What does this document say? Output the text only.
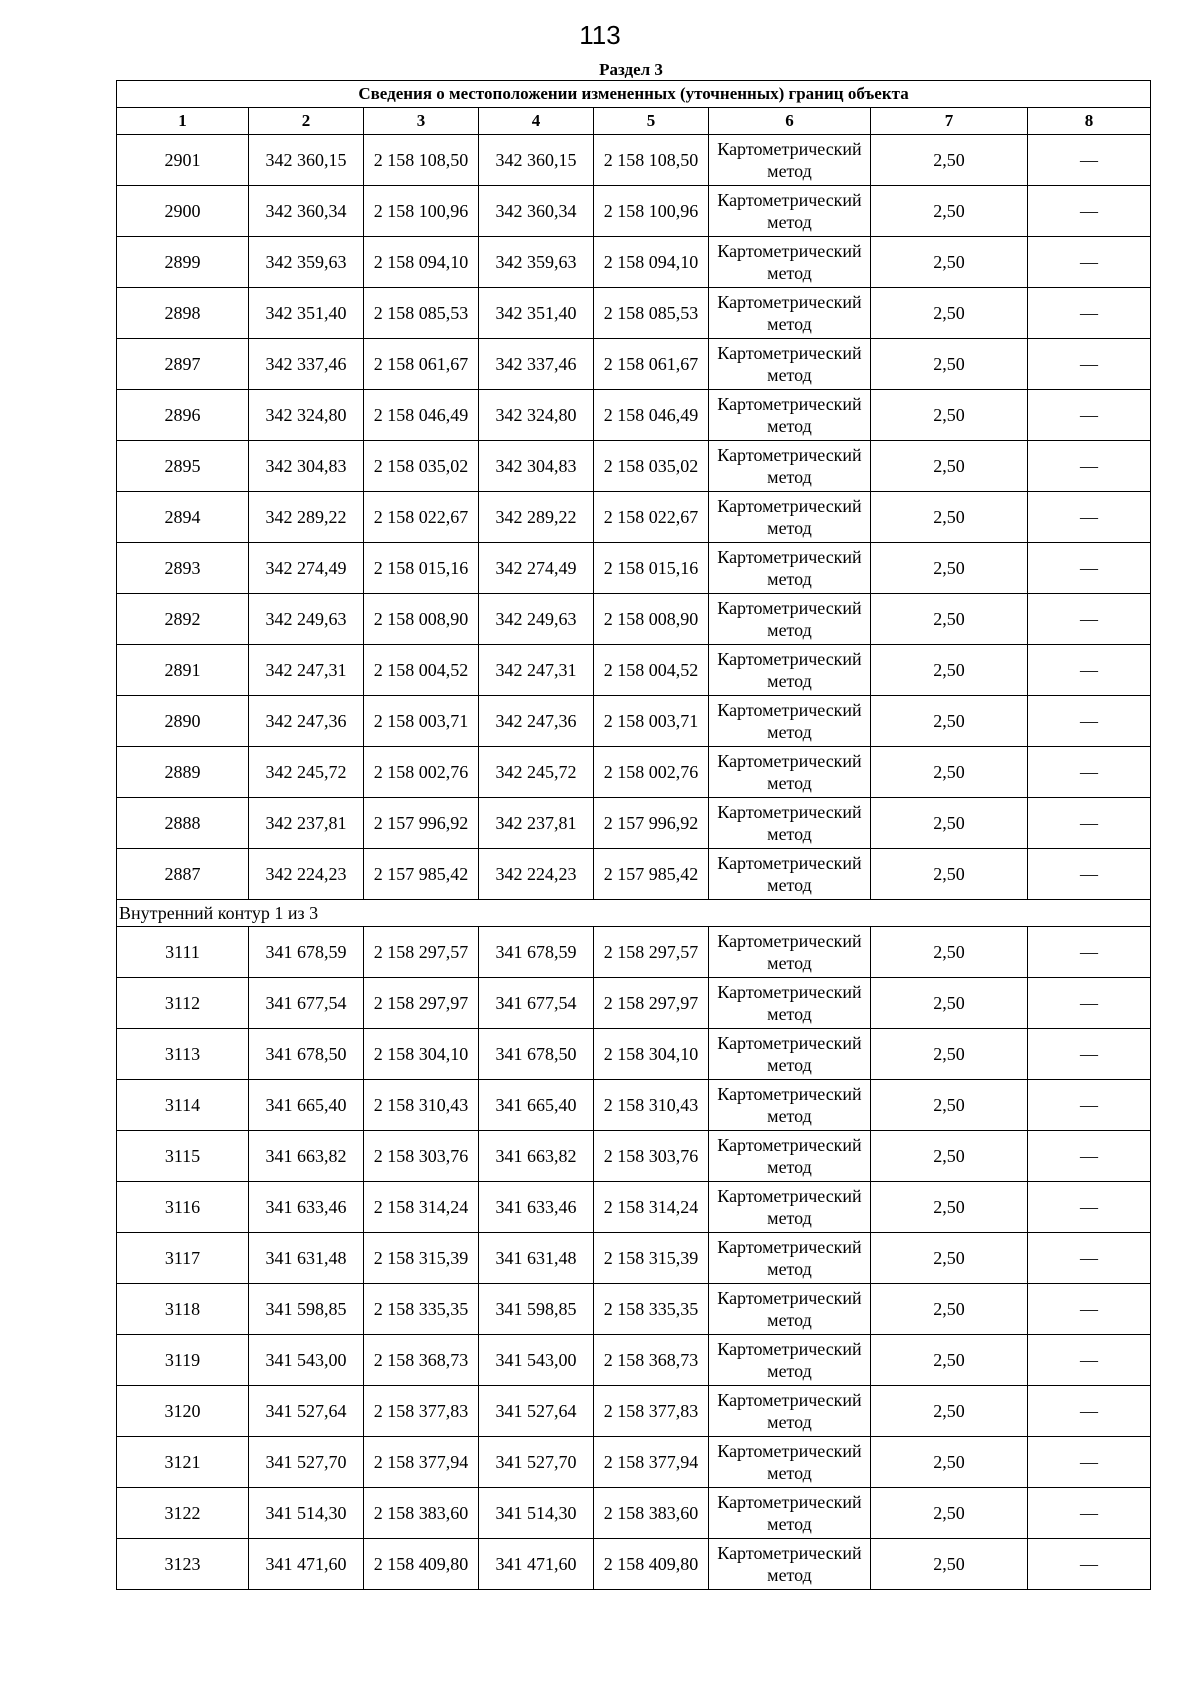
113
Раздел 3
Сведения о местоположении измененных (уточненных) границ объекта							
1	2	3	4	5	6	7	8
2901	342 360,15	2 158 108,50	342 360,15	2 158 108,50	Картометрический метод	2,50	—
2900	342 360,34	2 158 100,96	342 360,34	2 158 100,96	Картометрический метод	2,50	—
2899	342 359,63	2 158 094,10	342 359,63	2 158 094,10	Картометрический метод	2,50	—
2898	342 351,40	2 158 085,53	342 351,40	2 158 085,53	Картометрический метод	2,50	—
2897	342 337,46	2 158 061,67	342 337,46	2 158 061,67	Картометрический метод	2,50	—
2896	342 324,80	2 158 046,49	342 324,80	2 158 046,49	Картометрический метод	2,50	—
2895	342 304,83	2 158 035,02	342 304,83	2 158 035,02	Картометрический метод	2,50	—
2894	342 289,22	2 158 022,67	342 289,22	2 158 022,67	Картометрический метод	2,50	—
2893	342 274,49	2 158 015,16	342 274,49	2 158 015,16	Картометрический метод	2,50	—
2892	342 249,63	2 158 008,90	342 249,63	2 158 008,90	Картометрический метод	2,50	—
2891	342 247,31	2 158 004,52	342 247,31	2 158 004,52	Картометрический метод	2,50	—
2890	342 247,36	2 158 003,71	342 247,36	2 158 003,71	Картометрический метод	2,50	—
2889	342 245,72	2 158 002,76	342 245,72	2 158 002,76	Картометрический метод	2,50	—
2888	342 237,81	2 157 996,92	342 237,81	2 157 996,92	Картометрический метод	2,50	—
2887	342 224,23	2 157 985,42	342 224,23	2 157 985,42	Картометрический метод	2,50	—
Внутренний контур 1 из 3							
3111	341 678,59	2 158 297,57	341 678,59	2 158 297,57	Картометрический метод	2,50	—
3112	341 677,54	2 158 297,97	341 677,54	2 158 297,97	Картометрический метод	2,50	—
3113	341 678,50	2 158 304,10	341 678,50	2 158 304,10	Картометрический метод	2,50	—
3114	341 665,40	2 158 310,43	341 665,40	2 158 310,43	Картометрический метод	2,50	—
3115	341 663,82	2 158 303,76	341 663,82	2 158 303,76	Картометрический метод	2,50	—
3116	341 633,46	2 158 314,24	341 633,46	2 158 314,24	Картометрический метод	2,50	—
3117	341 631,48	2 158 315,39	341 631,48	2 158 315,39	Картометрический метод	2,50	—
3118	341 598,85	2 158 335,35	341 598,85	2 158 335,35	Картометрический метод	2,50	—
3119	341 543,00	2 158 368,73	341 543,00	2 158 368,73	Картометрический метод	2,50	—
3120	341 527,64	2 158 377,83	341 527,64	2 158 377,83	Картометрический метод	2,50	—
3121	341 527,70	2 158 377,94	341 527,70	2 158 377,94	Картометрический метод	2,50	—
3122	341 514,30	2 158 383,60	341 514,30	2 158 383,60	Картометрический метод	2,50	—
3123	341 471,60	2 158 409,80	341 471,60	2 158 409,80	Картометрический метод	2,50	—
